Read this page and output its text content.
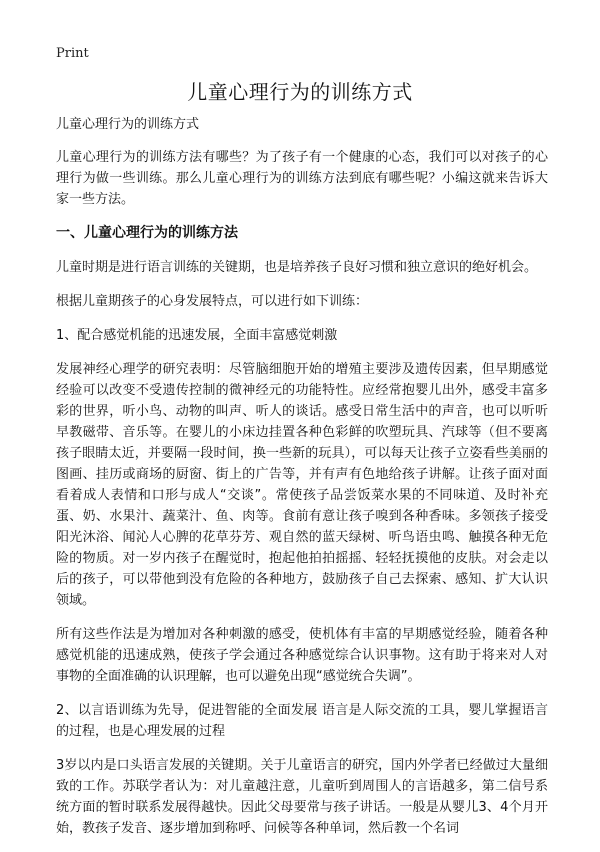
Print
儿童心理行为的训练方式

儿童心理行为的训练方式

儿童心理行为的训练方法有哪些？为了孩子有一个健康的心态，我们可以对孩子的心理行为做一些训练。那么儿童心理行为的训练方法到底有哪些呢？小编这就来告诉大家一些方法。

一、儿童心理行为的训练方法

儿童时期是进行语言训练的关键期，也是培养孩子良好习惯和独立意识的绝好机会。

根据儿童期孩子的心身发展特点，可以进行如下训练：

1、配合感觉机能的迅速发展，全面丰富感觉刺激

发展神经心理学的研究表明：尽管脑细胞开始的增殖主要涉及遗传因素，但早期感觉经验可以改变不受遗传控制的微神经元的功能特性。应经常抱婴儿出外，感受丰富多彩的世界，听小鸟、动物的叫声、听人的谈话。感受日常生活中的声音，也可以听听早教磁带、音乐等。在婴儿的小床边挂置各种色彩鲜的吹塑玩具、汽球等（但不要离孩子眼睛太近，并要隔一段时间，换一些新的玩具），可以每天让孩子立姿看些美丽的图画、挂历或商场的厨窗、街上的广告等，并有声有色地给孩子讲解。让孩子面对面看着成人表情和口形与成人“交谈”。常使孩子品尝饭菜水果的不同味道、及时补充蛋、奶、水果汁、蔬菜汁、鱼、肉等。食前有意让孩子嗅到各种香味。多领孩子接受阳光沐浴、闻沁人心脾的花草芬芳、观自然的蓝天绿树、听鸟语虫鸣、触摸各种无危险的物质。对一岁内孩子在醒觉时，抱起他拍拍摇摇、轻轻抚摸他的皮肤。对会走以后的孩子，可以带他到没有危险的各种地方，鼓励孩子自己去探索、感知、扩大认识领域。

所有这些作法是为增加对各种刺激的感受，使机体有丰富的早期感觉经验，随着各种感觉机能的迅速成熟，使孩子学会通过各种感觉综合认识事物。这有助于将来对人对事物的全面准确的认识理解，也可以避免出现“感觉统合失调”。

2、以言语训练为先导，促进智能的全面发展 语言是人际交流的工具，婴儿掌握语言的过程，也是心理发展的过程

3岁以内是口头语言发展的关键期。关于儿童语言的研究，国内外学者已经做过大量细致的工作。苏联学者认为：对儿童越注意，儿童听到周围人的言语越多，第二信号系统方面的暂时联系发展得越快。因此父母要常与孩子讲话。一般是从婴儿3、4个月开始，教孩子发音、逐步增加到称呼、问候等各种单词，然后教一个名词
